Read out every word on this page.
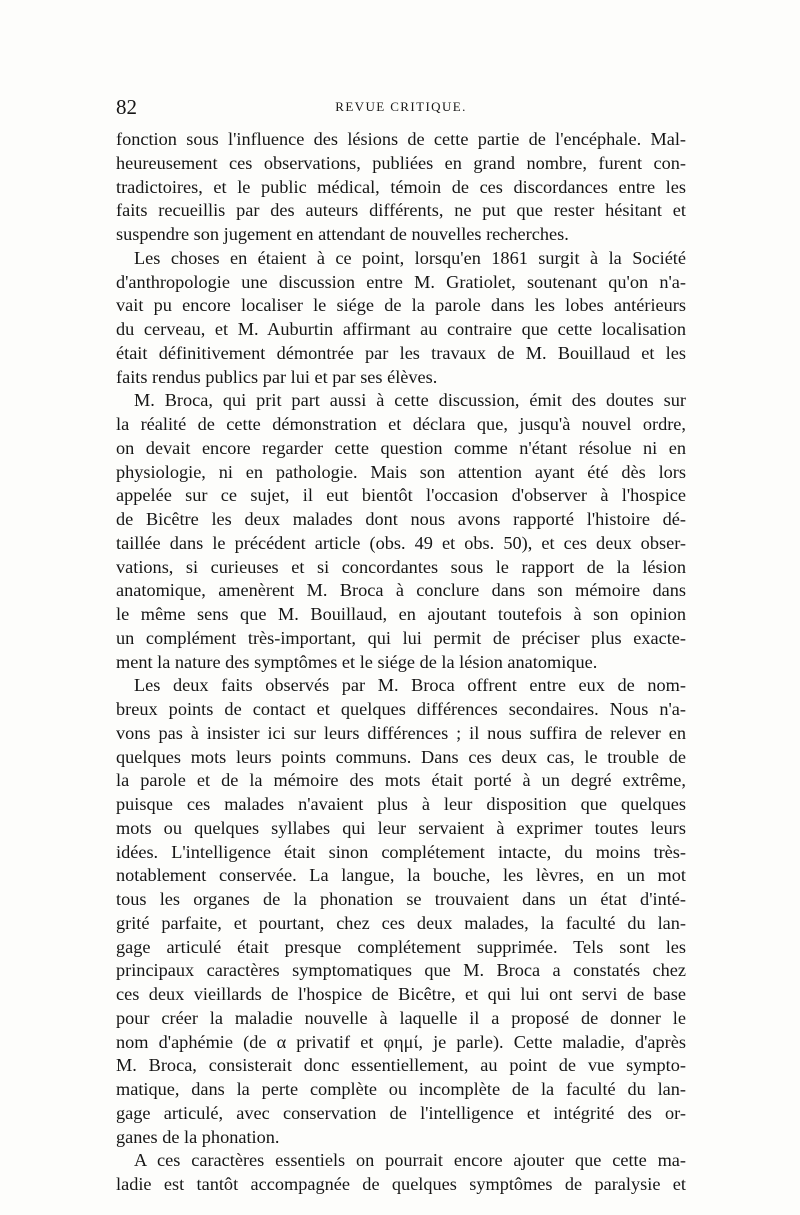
82	REVUE CRITIQUE.
fonction sous l'influence des lésions de cette partie de l'encéphale. Mal-
heureusement ces observations, publiées en grand nombre, furent con-
tradictoires, et le public médical, témoin de ces discordances entre les
faits recueillis par des auteurs différents, ne put que rester hésitant et
suspendre son jugement en attendant de nouvelles recherches.
Les choses en étaient à ce point, lorsqu'en 1861 surgit à la Société
d'anthropologie une discussion entre M. Gratiolet, soutenant qu'on n'a-
vait pu encore localiser le siége de la parole dans les lobes antérieurs
du cerveau, et M. Auburtin affirmant au contraire que cette localisation
était définitivement démontrée par les travaux de M. Bouillaud et les
faits rendus publics par lui et par ses élèves.
M. Broca, qui prit part aussi à cette discussion, émit des doutes sur
la réalité de cette démonstration et déclara que, jusqu'à nouvel ordre,
on devait encore regarder cette question comme n'étant résolue ni en
physiologie, ni en pathologie. Mais son attention ayant été dès lors
appelée sur ce sujet, il eut bientôt l'occasion d'observer à l'hospice
de Bicêtre les deux malades dont nous avons rapporté l'histoire dé-
taillée dans le précédent article (obs. 49 et obs. 50), et ces deux obser-
vations, si curieuses et si concordantes sous le rapport de la lésion
anatomique, amenèrent M. Broca à conclure dans son mémoire dans
le même sens que M. Bouillaud, en ajoutant toutefois à son opinion
un complément très-important, qui lui permit de préciser plus exacte-
ment la nature des symptômes et le siége de la lésion anatomique.
Les deux faits observés par M. Broca offrent entre eux de nom-
breux points de contact et quelques différences secondaires. Nous n'a-
vons pas à insister ici sur leurs différences ; il nous suffira de relever en
quelques mots leurs points communs. Dans ces deux cas, le trouble de
la parole et de la mémoire des mots était porté à un degré extrême,
puisque ces malades n'avaient plus à leur disposition que quelques
mots ou quelques syllabes qui leur servaient à exprimer toutes leurs
idées. L'intelligence était sinon complétement intacte, du moins très-
notablement conservée. La langue, la bouche, les lèvres, en un mot
tous les organes de la phonation se trouvaient dans un état d'inté-
grité parfaite, et pourtant, chez ces deux malades, la faculté du lan-
gage articulé était presque complétement supprimée. Tels sont les
principaux caractères symptomatiques que M. Broca a constatés chez
ces deux vieillards de l'hospice de Bicêtre, et qui lui ont servi de base
pour créer la maladie nouvelle à laquelle il a proposé de donner le
nom d'aphémie (de α privatif et φημί, je parle). Cette maladie, d'après
M. Broca, consisterait donc essentiellement, au point de vue sympto-
matique, dans la perte complète ou incomplète de la faculté du lan-
gage articulé, avec conservation de l'intelligence et intégrité des or-
ganes de la phonation.
A ces caractères essentiels on pourrait encore ajouter que cette ma-
ladie est tantôt accompagnée de quelques symptômes de paralysie et
